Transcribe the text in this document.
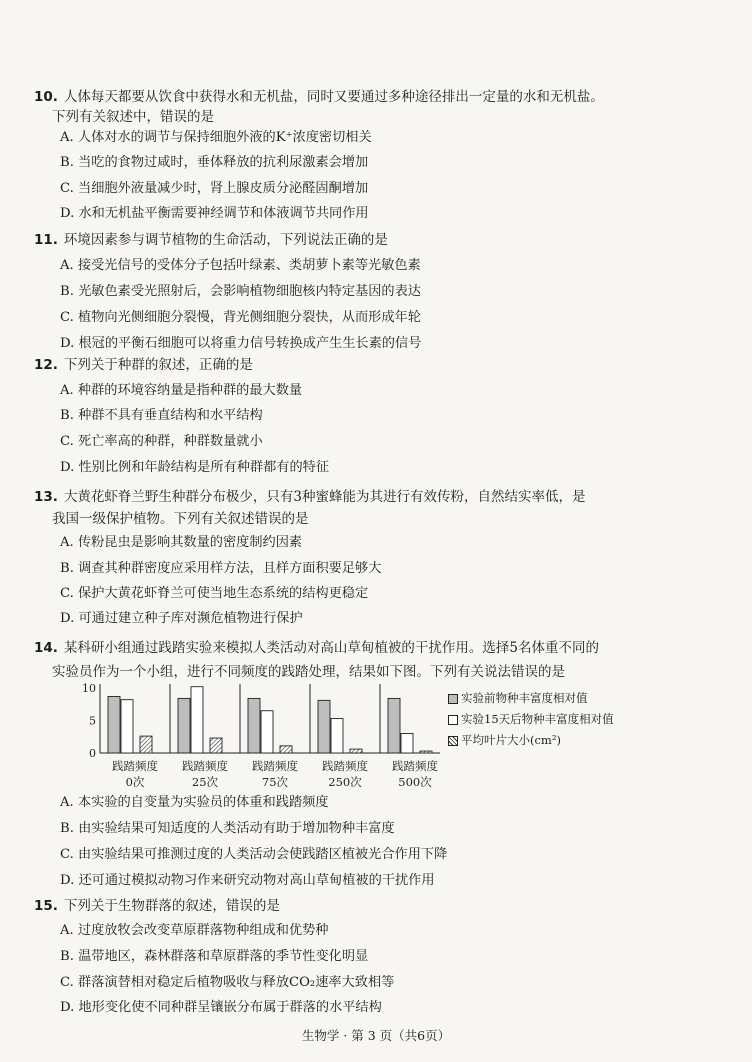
10. 人体每天都要从饮食中获得水和无机盐，同时又要通过多种途径排出一定量的水和无机盐。
下列有关叙述中，错误的是
A. 人体对水的调节与保持细胞外液的K⁺浓度密切相关
B. 当吃的食物过咸时，垂体释放的抗利尿激素会增加
C. 当细胞外液量减少时，肾上腺皮质分泌醛固酮增加
D. 水和无机盐平衡需要神经调节和体液调节共同作用
11. 环境因素参与调节植物的生命活动，下列说法正确的是
A. 接受光信号的受体分子包括叶绿素、类胡萝卜素等光敏色素
B. 光敏色素受光照射后，会影响植物细胞核内特定基因的表达
C. 植物向光侧细胞分裂慢，背光侧细胞分裂快，从而形成年轮
D. 根冠的平衡石细胞可以将重力信号转换成产生生长素的信号
12. 下列关于种群的叙述，正确的是
A. 种群的环境容纳量是指种群的最大数量
B. 种群不具有垂直结构和水平结构
C. 死亡率高的种群，种群数量就小
D. 性别比例和年龄结构是所有种群都有的特征
13. 大黄花虾脊兰野生种群分布极少，只有3种蜜蜂能为其进行有效传粉，自然结实率低，是
我国一级保护植物。下列有关叙述错误的是
A. 传粉昆虫是影响其数量的密度制约因素
B. 调查其种群密度应采用样方法，且样方面积要足够大
C. 保护大黄花虾脊兰可使当地生态系统的结构更稳定
D. 可通过建立种子库对濒危植物进行保护
14. 某科研小组通过践踏实验来模拟人类活动对高山草甸植被的干扰作用。选择5名体重不同的
实验员作为一个小组，进行不同频度的践踏处理，结果如下图。下列有关说法错误的是
10
5
0
践踏频度
0次
践踏频度
25次
践踏频度
75次
践踏频度
250次
践踏频度
500次
实验前物种丰富度相对值
实验15天后物种丰富度相对值
平均叶片大小(cm²)
A. 本实验的自变量为实验员的体重和践踏频度
B. 由实验结果可知适度的人类活动有助于增加物种丰富度
C. 由实验结果可推测过度的人类活动会使践踏区植被光合作用下降
D. 还可通过模拟动物习作来研究动物对高山草甸植被的干扰作用
15. 下列关于生物群落的叙述，错误的是
A. 过度放牧会改变草原群落物种组成和优势种
B. 温带地区，森林群落和草原群落的季节性变化明显
C. 群落演替相对稳定后植物吸收与释放CO₂速率大致相等
D. 地形变化使不同种群呈镶嵌分布属于群落的水平结构
生物学 · 第 3 页（共6页）
